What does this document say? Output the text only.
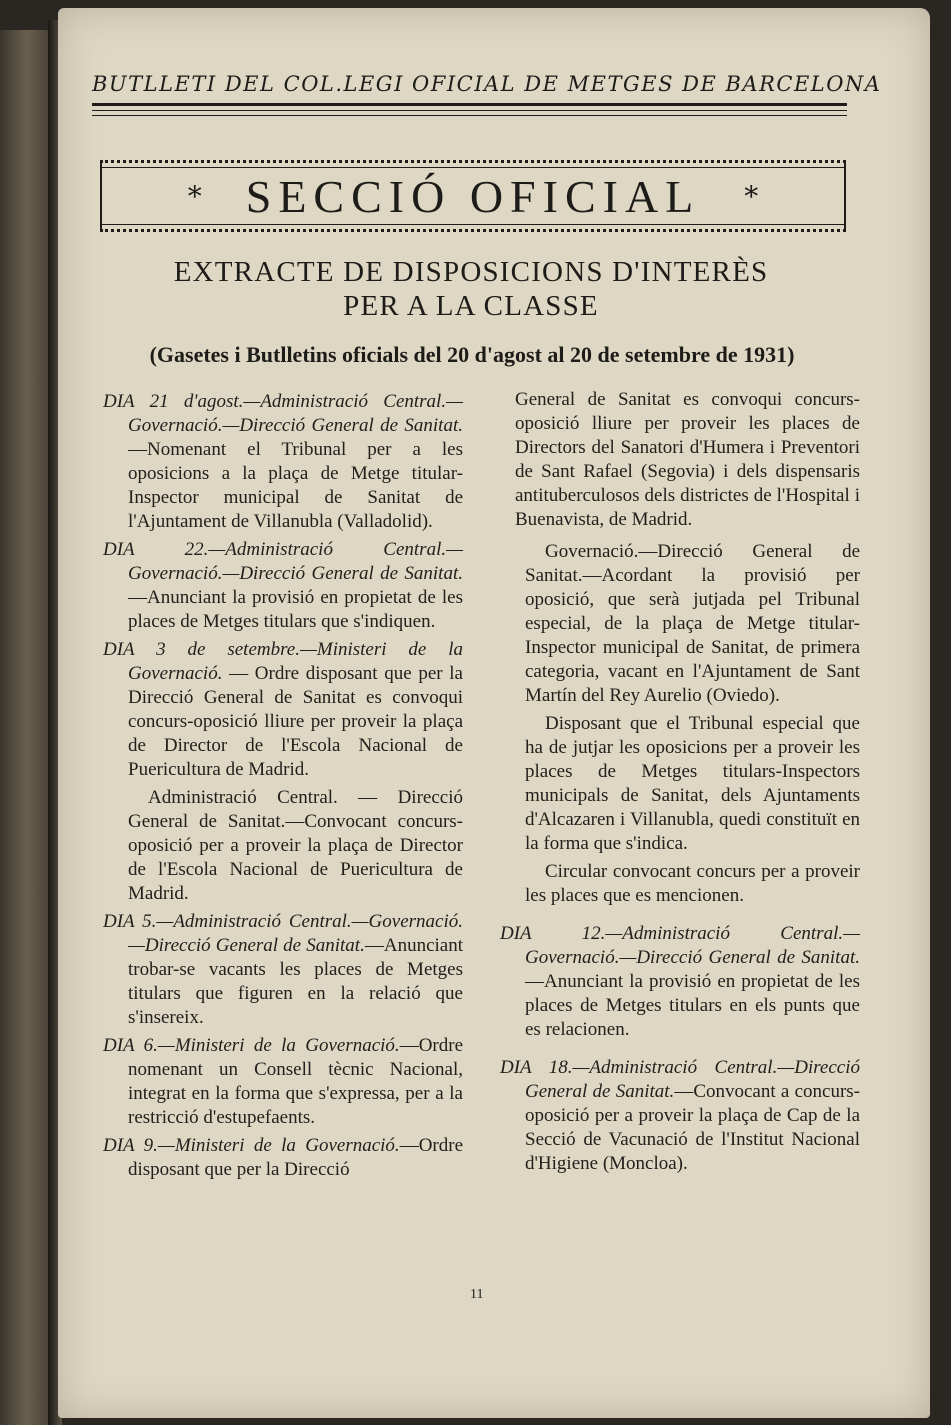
BUTLLETI DEL COL.LEGI OFICIAL DE METGES DE BARCELONA
* SECCIÓ OFICIAL *
EXTRACTE DE DISPOSICIONS D'INTERÈS
PER A LA CLASSE
(Gasetes i Butlletins oficials del 20 d'agost al 20 de setembre de 1931)

DIA 21 d'agost.—Administració Central.—Governació.—Direcció General de Sanitat.—Nomenant el Tribunal per a les oposicions a la plaça de Metge titular-Inspector municipal de Sanitat de l'Ajuntament de Villanubla (Valladolid).

DIA 22.—Administració Central.—Governació.—Direcció General de Sanitat.—Anunciant la provisió en propietat de les places de Metges titulars que s'indiquen.

DIA 3 de setembre.—Ministeri de la Governació. — Ordre disposant que per la Direcció General de Sanitat es convoqui concurs-oposició lliure per proveir la plaça de Director de l'Escola Nacional de Puericultura de Madrid.

Administració Central. — Direcció General de Sanitat.—Convocant concurs-oposició per a proveir la plaça de Director de l'Escola Nacional de Puericultura de Madrid.

DIA 5.—Administració Central.—Governació.—Direcció General de Sanitat.—Anunciant trobar-se vacants les places de Metges titulars que figuren en la relació que s'insereix.

DIA 6.—Ministeri de la Governació.—Ordre nomenant un Consell tècnic Nacional, integrat en la forma que s'expressa, per a la restricció d'estupefaents.

DIA 9.—Ministeri de la Governació.—Ordre disposant que per la Direcció

General de Sanitat es convoqui concurs-oposició lliure per proveir les places de Directors del Sanatori d'Humera i Preventori de Sant Rafael (Segovia) i dels dispensaris antituberculosos dels districtes de l'Hospital i Buenavista, de Madrid.

Governació.—Direcció General de Sanitat.—Acordant la provisió per oposició, que serà jutjada pel Tribunal especial, de la plaça de Metge titular-Inspector municipal de Sanitat, de primera categoria, vacant en l'Ajuntament de Sant Martín del Rey Aurelio (Oviedo).

Disposant que el Tribunal especial que ha de jutjar les oposicions per a proveir les places de Metges titulars-Inspectors municipals de Sanitat, dels Ajuntaments d'Alcazaren i Villanubla, quedi constituït en la forma que s'indica.

Circular convocant concurs per a proveir les places que es mencionen.

DIA 12.—Administració Central.—Governació.—Direcció General de Sanitat.—Anunciant la provisió en propietat de les places de Metges titulars en els punts que es relacionen.

DIA 18.—Administració Central.—Direcció General de Sanitat.—Convocant a concurs-oposició per a proveir la plaça de Cap de la Secció de Vacunació de l'Institut Nacional d'Higiene (Moncloa).

11
